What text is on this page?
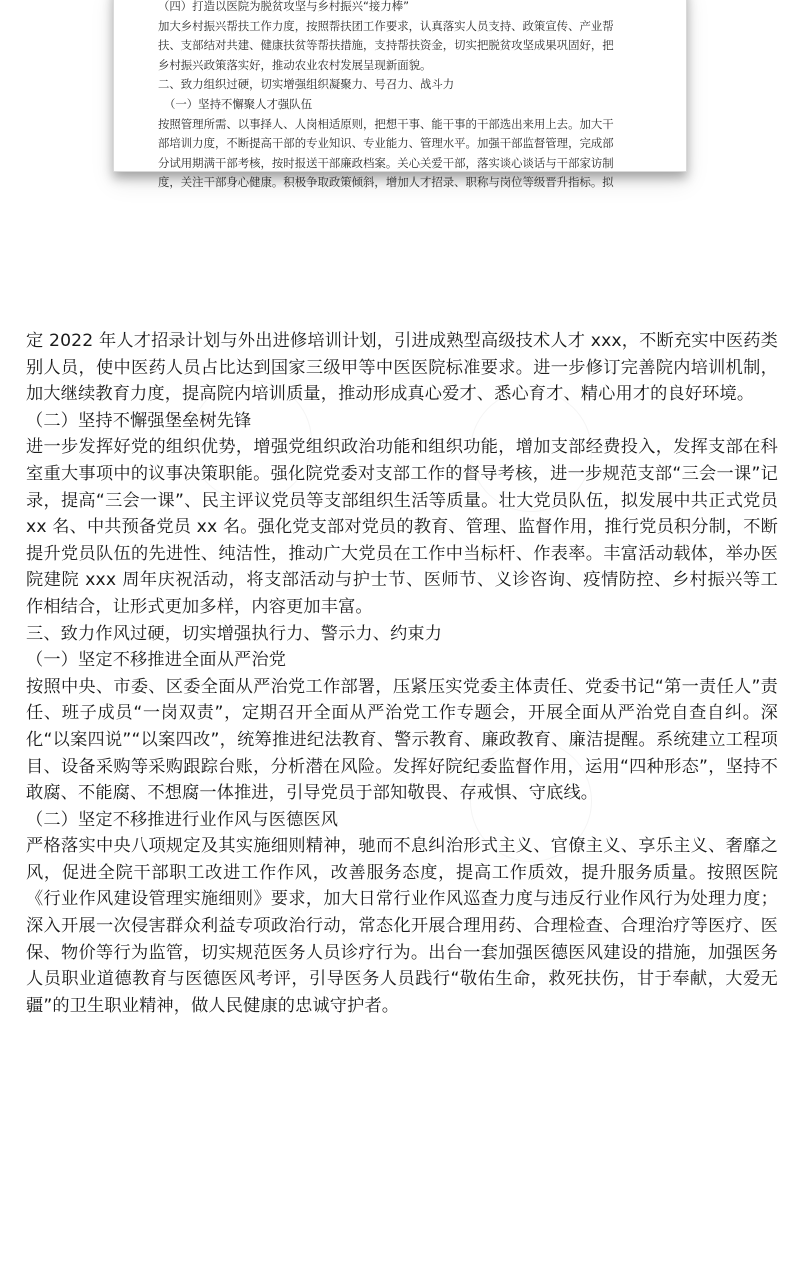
（四）打造以医院为脱贫攻坚与乡村振兴“接力棒”
加大乡村振兴帮扶工作力度，按照帮扶团工作要求，认真落实人员支持、政策宣传、产业帮
扶、支部结对共建、健康扶贫等帮扶措施，支持帮扶资金，切实把脱贫攻坚成果巩固好，把
乡村振兴政策落实好，推动农业农村发展呈现新面貌。
二、致力组织过硬，切实增强组织凝聚力、号召力、战斗力
（一）坚持不懈聚人才强队伍
按照管理所需、以事择人、人岗相适原则，把想干事、能干事的干部选出来用上去。加大干
部培训力度，不断提高干部的专业知识、专业能力、管理水平。加强干部监督管理，完成部
分试用期满干部考核，按时报送干部廉政档案。关心关爱干部，落实谈心谈话与干部家访制
度，关注干部身心健康。积极争取政策倾斜，增加人才招录、职称与岗位等级晋升指标。拟

定 2022 年人才招录计划与外出进修培训计划，引进成熟型高级技术人才 xxx，不断充实中医药类别人员，使中医药人员占比达到国家三级甲等中医医院标准要求。进一步修订完善院内培训机制，加大继续教育力度，提高院内培训质量，推动形成真心爱才、悉心育才、精心用才的良好环境。

（二）坚持不懈强堡垒树先锋

进一步发挥好党的组织优势，增强党组织政治功能和组织功能，增加支部经费投入，发挥支部在科室重大事项中的议事决策职能。强化院党委对支部工作的督导考核，进一步规范支部“三会一课”记录，提高“三会一课”、民主评议党员等支部组织生活等质量。壮大党员队伍，拟发展中共正式党员 xx 名、中共预备党员 xx 名。强化党支部对党员的教育、管理、监督作用，推行党员积分制，不断提升党员队伍的先进性、纯洁性，推动广大党员在工作中当标杆、作表率。丰富活动载体，举办医院建院 xxx 周年庆祝活动，将支部活动与护士节、医师节、义诊咨询、疫情防控、乡村振兴等工作相结合，让形式更加多样，内容更加丰富。

三、致力作风过硬，切实增强执行力、警示力、约束力

（一）坚定不移推进全面从严治党

按照中央、市委、区委全面从严治党工作部署，压紧压实党委主体责任、党委书记“第一责任人”责任、班子成员“一岗双责”，定期召开全面从严治党工作专题会，开展全面从严治党自查自纠。深化“以案四说”“以案四改”，统筹推进纪法教育、警示教育、廉政教育、廉洁提醒。系统建立工程项目、设备采购等采购跟踪台账，分析潜在风险。发挥好院纪委监督作用，运用“四种形态”，坚持不敢腐、不能腐、不想腐一体推进，引导党员于部知敬畏、存戒惧、守底线。

（二）坚定不移推进行业作风与医德医风

严格落实中央八项规定及其实施细则精神，驰而不息纠治形式主义、官僚主义、享乐主义、奢靡之风，促进全院干部职工改进工作作风，改善服务态度，提高工作质效，提升服务质量。按照医院《行业作风建设管理实施细则》要求，加大日常行业作风巡查力度与违反行业作风行为处理力度；深入开展一次侵害群众利益专项政治行动，常态化开展合理用药、合理检查、合理治疗等医疗、医保、物价等行为监管，切实规范医务人员诊疗行为。出台一套加强医德医风建设的措施，加强医务人员职业道德教育与医德医风考评，引导医务人员践行“敬佑生命，救死扶伤，甘于奉献，大爱无疆”的卫生职业精神，做人民健康的忠诚守护者。
